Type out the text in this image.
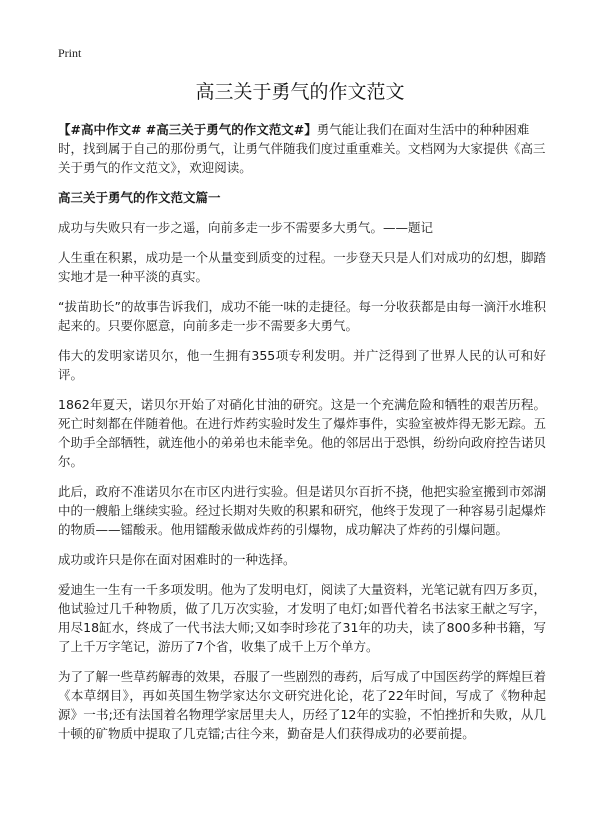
Print
高三关于勇气的作文范文

【#高中作文# #高三关于勇气的作文范文#】勇气能让我们在面对生活中的种种困难时，找到属于自己的那份勇气，让勇气伴随我们度过重重难关。文档网为大家提供《高三关于勇气的作文范文》，欢迎阅读。

高三关于勇气的作文范文篇一

成功与失败只有一步之遥，向前多走一步不需要多大勇气。——题记

人生重在积累，成功是一个从量变到质变的过程。一步登天只是人们对成功的幻想，脚踏实地才是一种平淡的真实。

“拔苗助长”的故事告诉我们，成功不能一味的走捷径。每一分收获都是由每一滴汗水堆积起来的。只要你愿意，向前多走一步不需要多大勇气。

伟大的发明家诺贝尔，他一生拥有355项专利发明。并广泛得到了世界人民的认可和好评。

1862年夏天，诺贝尔开始了对硝化甘油的研究。这是一个充满危险和牺牲的艰苦历程。死亡时刻都在伴随着他。在进行炸药实验时发生了爆炸事件，实验室被炸得无影无踪。五个助手全部牺牲，就连他小的弟弟也未能幸免。他的邻居出于恐惧，纷纷向政府控告诺贝尔。

此后，政府不准诺贝尔在市区内进行实验。但是诺贝尔百折不挠，他把实验室搬到市郊湖中的一艘船上继续实验。经过长期对失败的积累和研究，他终于发现了一种容易引起爆炸的物质——镭酸汞。他用镭酸汞做成炸药的引爆物，成功解决了炸药的引爆问题。

成功或许只是你在面对困难时的一种选择。

爱迪生一生有一千多项发明。他为了发明电灯，阅读了大量资料，光笔记就有四万多页，他试验过几千种物质，做了几万次实验，才发明了电灯;如晋代着名书法家王献之写字，用尽18缸水，终成了一代书法大师;又如李时珍花了31年的功夫，读了800多种书籍，写了上千万字笔记，游历了7个省，收集了成千上万个单方。

为了了解一些草药解毒的效果，吞服了一些剧烈的毒药，后写成了中国医药学的辉煌巨着《本草纲目》，再如英国生物学家达尔文研究进化论，花了22年时间，写成了《物种起源》一书;还有法国着名物理学家居里夫人，历经了12年的实验，不怕挫折和失败，从几十顿的矿物质中提取了几克镭;古往今来，勤奋是人们获得成功的必要前提。
